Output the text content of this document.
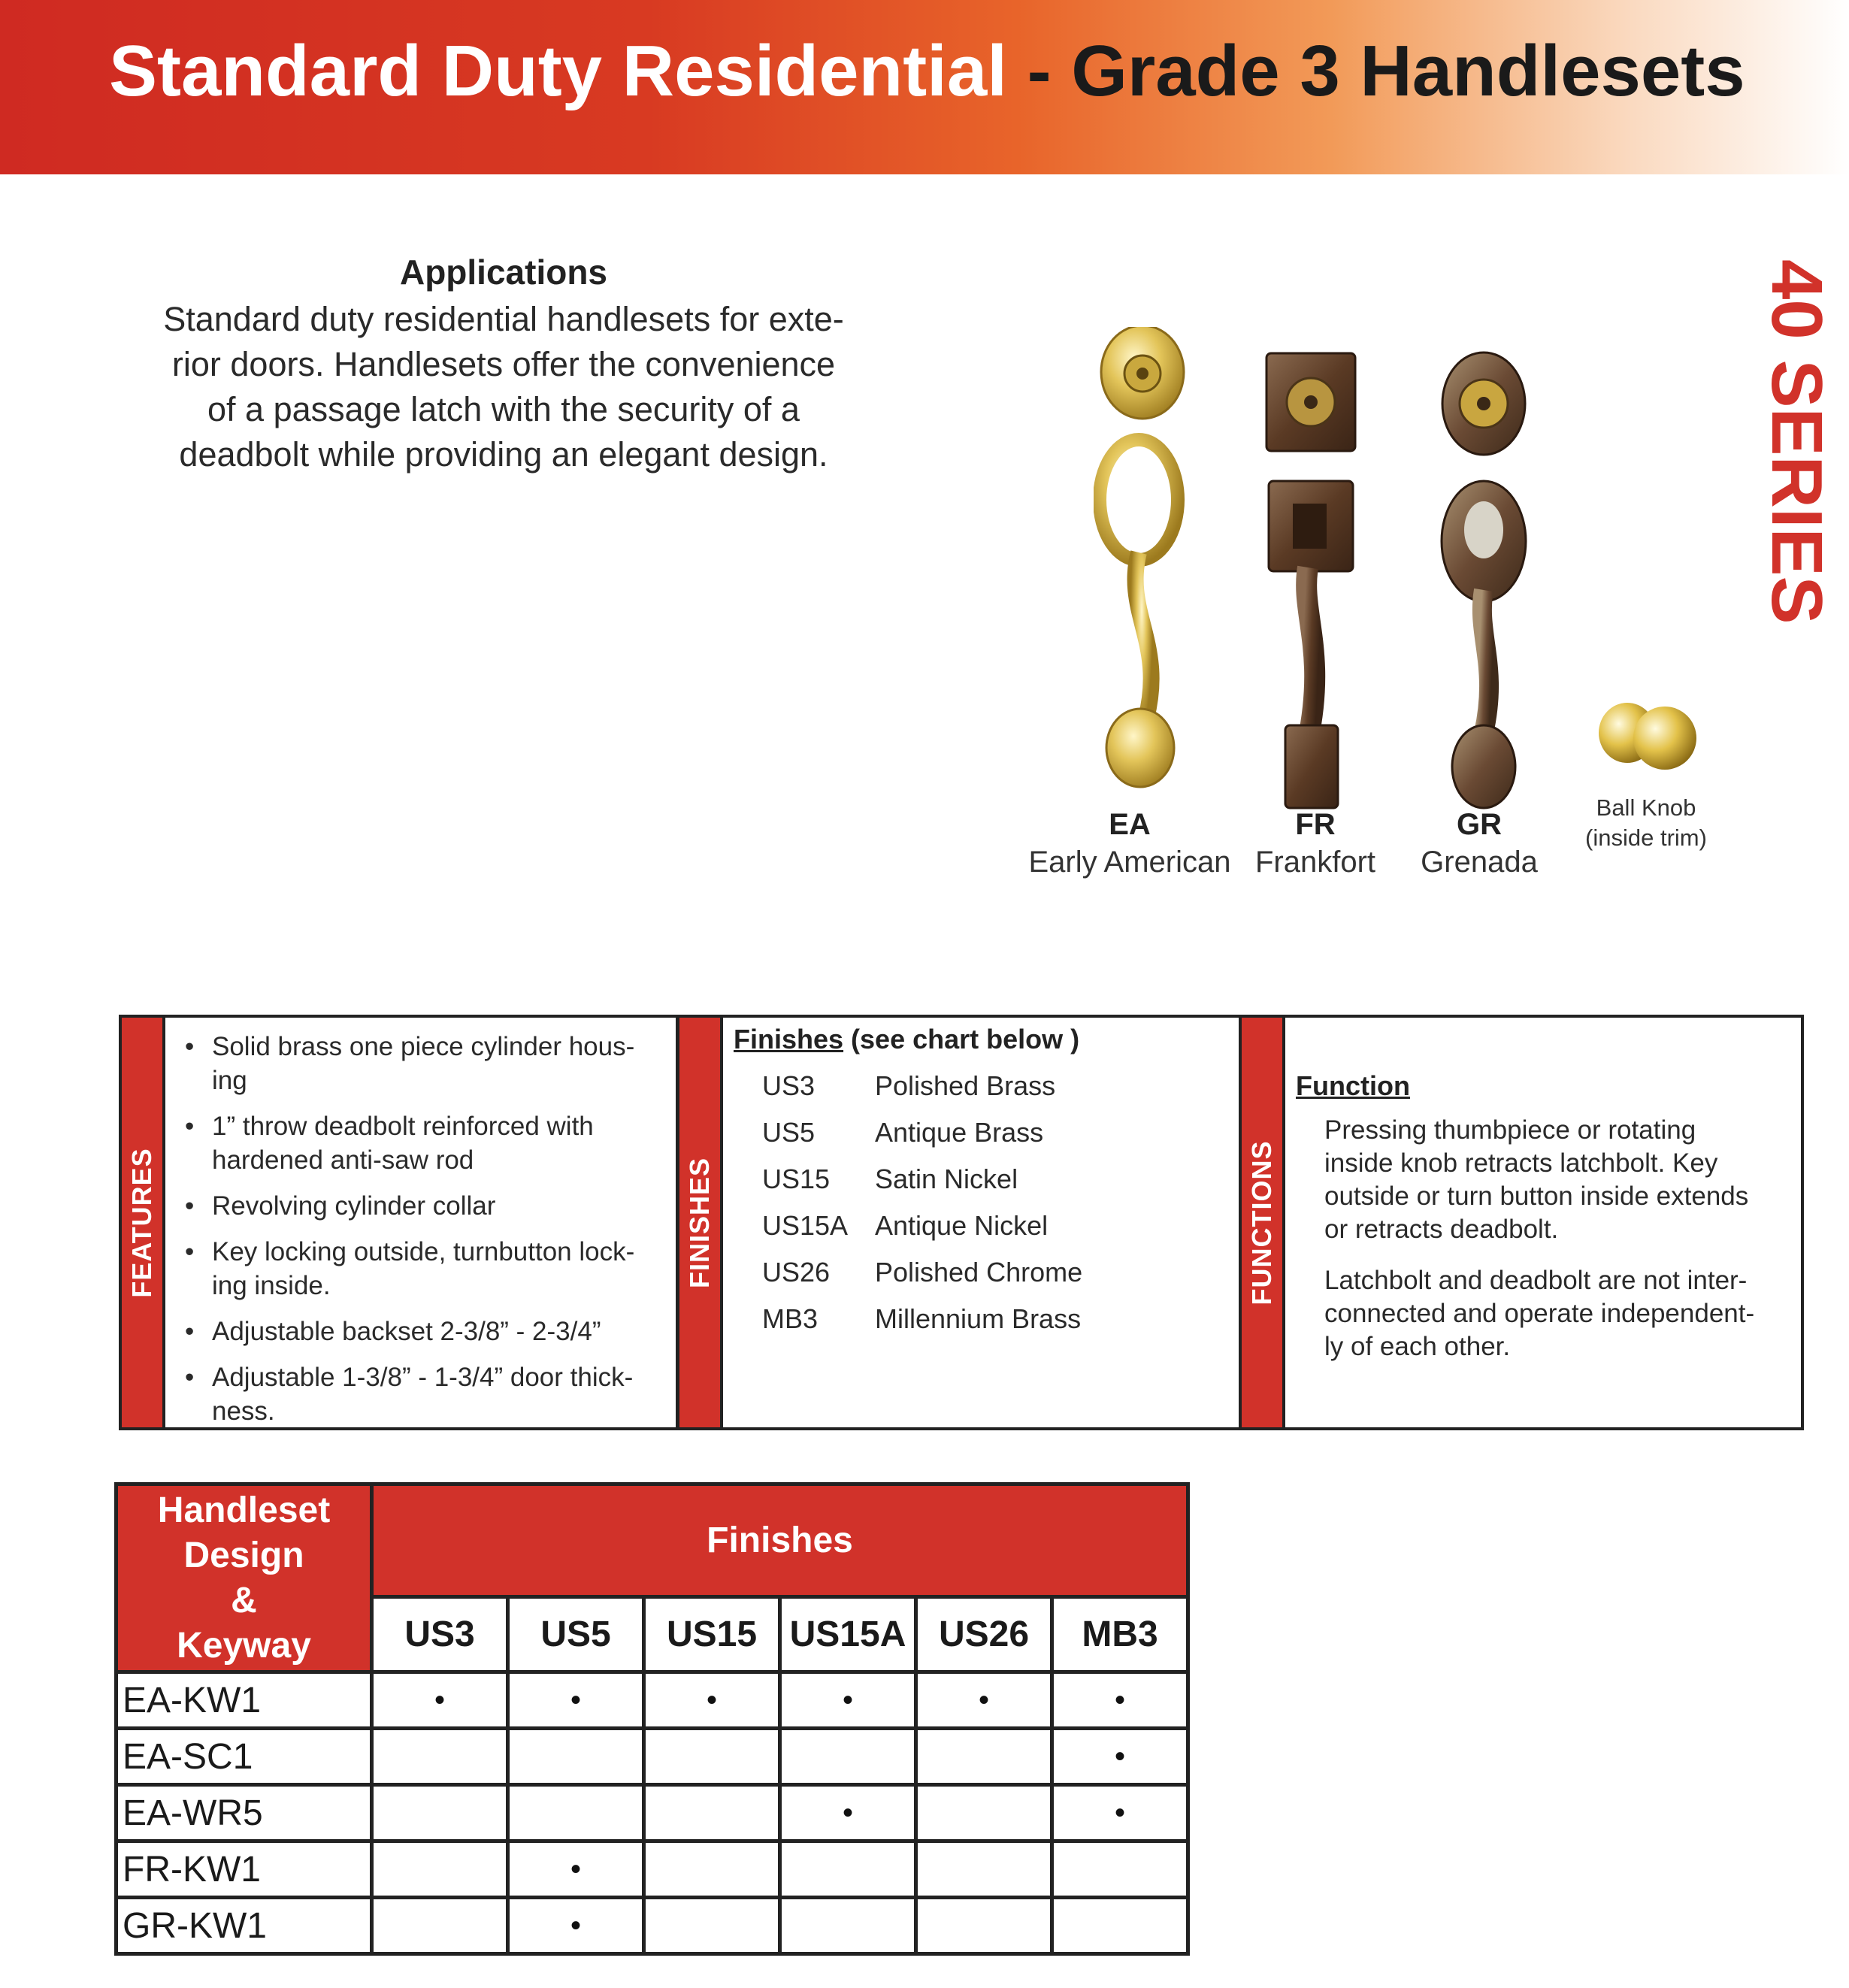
Standard Duty Residential - Grade 3 Handlesets
40 SERIES
Applications

Standard duty residential handlesets for exte-

rior doors. Handlesets offer the convenience

of a passage latch with the security of a

deadbolt while providing an elegant design.

EA
Early American
FR
Frankfort
GR
Grenada
Ball Knob
(inside trim)
FEATURES
• Solid brass one piece cylinder hous-
ing
• 1” throw deadbolt reinforced with
hardened anti-saw rod
• Revolving cylinder collar
• Key locking outside, turnbutton lock-
ing inside.
• Adjustable backset 2-3/8” - 2-3/4”
• Adjustable 1-3/8” - 1-3/4” door thick-
ness.
FINISHES
Finishes (see chart below )
US3 Polished Brass
US5 Antique Brass
US15 Satin Nickel
US15A Antique Nickel
US26 Polished Chrome
MB3 Millennium Brass
FUNCTIONS
Function
Pressing thumbpiece or rotating
inside knob retracts latchbolt. Key
outside or turn button inside extends
or retracts deadbolt.
Latchbolt and deadbolt are not inter-
connected and operate independent-
ly of each other.
Handleset
Design
&
Keyway	Finishes					
	US3	US5	US15	US15A	US26	MB3
EA-KW1	•	•	•	•	•	•
EA-SC1						•
EA-WR5				•		•
FR-KW1		•				
GR-KW1		•				
